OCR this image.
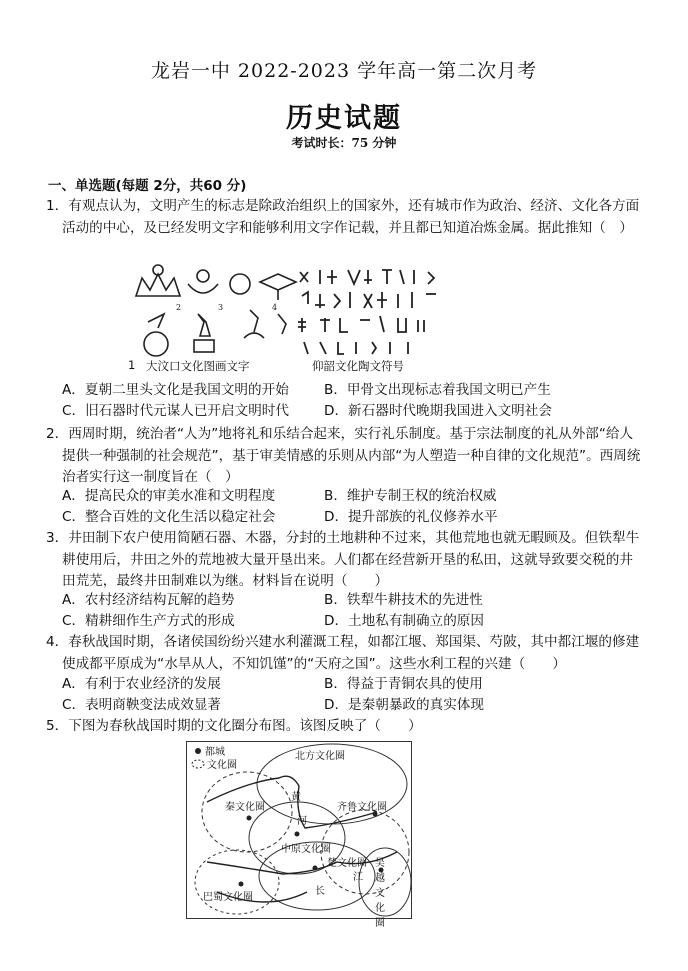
龙岩一中 2022-2023 学年高一第二次月考
历史试题
考试时长：75 分钟
一、单选题(每题 2分，共60 分)
1．有观点认为，文明产生的标志是除政治组织上的国家外，还有城市作为政治、经济、文化各方面活动的中心，及已经发明文字和能够利用文字作记载，并且都已知道冶炼金属。据此推知（　）
2	3	4
1 大汶口文化图画文字	仰韶文化陶文符号
A．夏朝二里头文化是我国文明的开始	B．甲骨文出现标志着我国文明已产生
C．旧石器时代元谋人已开启文明时代	D．新石器时代晚期我国进入文明社会
2．西周时期，统治者“人为”地将礼和乐结合起来，实行礼乐制度。基于宗法制度的礼从外部“给人提供一种强制的社会规范”，基于审美情感的乐则从内部“为人塑造一种自律的文化规范”。西周统治者实行这一制度旨在（　）
A．提高民众的审美水准和文明程度	B．维护专制王权的统治权威
C．整合百姓的文化生活以稳定社会	D．提升部族的礼仪修养水平
3．井田制下农户使用简陋石器、木器，分封的土地耕种不过来，其他荒地也就无暇顾及。但铁犁牛耕使用后，井田之外的荒地被大量开垦出来。人们都在经营新开垦的私田，这就导致要交税的井田荒芜，最终井田制难以为继。材料旨在说明（　　）
A．农村经济结构瓦解的趋势	B．铁犁牛耕技术的先进性
C．精耕细作生产方式的形成	D．土地私有制确立的原因
4．春秋战国时期，各诸侯国纷纷兴建水利灌溉工程，如都江堰、郑国渠、芍陂，其中都江堰的修建使成都平原成为“水旱从人，不知饥馑”的“天府之国”。这些水利工程的兴建（　　）
A．有利于农业经济的发展	B．得益于青铜农具的使用
C．表明商鞅变法成效显著	D．是秦朝暴政的真实体现
5．下图为春秋战国时期的文化圈分布图。该图反映了（　　）
都城
文化圈
北方文化圈
秦文化圈
中原文化圈
楚文化圈
巴蜀文化圈
齐鲁文化圈
吴越文化圈
黄
河
长
江
